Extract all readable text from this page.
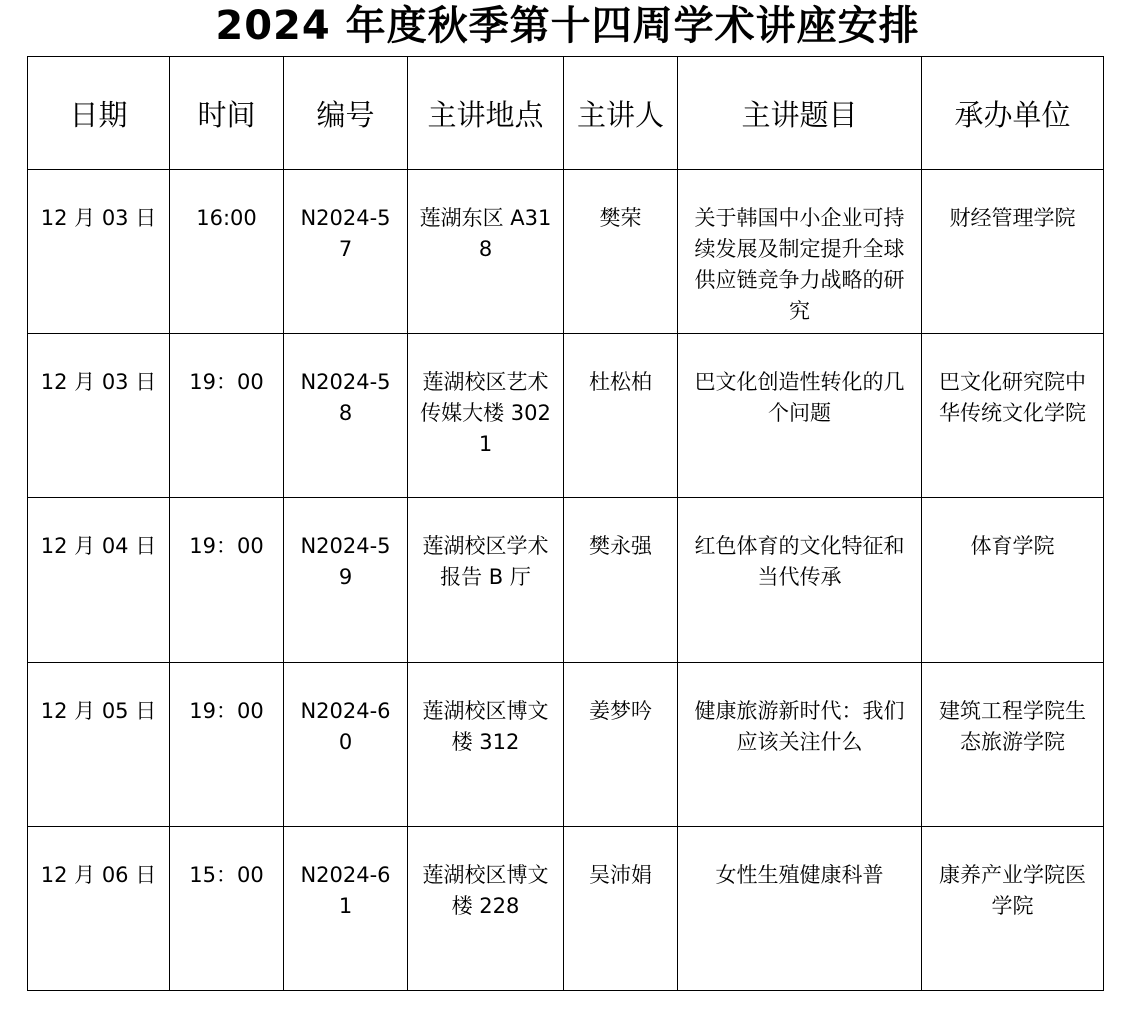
2024 年度秋季第十四周学术讲座安排
日期	时间	编号	主讲地点	主讲人	主讲题目	承办单位
12 月 03 日	16:00	N2024-57	莲湖东区 A318	樊荣	关于韩国中小企业可持续发展及制定提升全球供应链竞争力战略的研究	财经管理学院
12 月 03 日	19：00	N2024-58	莲湖校区艺术传媒大楼 3021	杜松柏	巴文化创造性转化的几个问题	巴文化研究院中华传统文化学院
12 月 04 日	19：00	N2024-59	莲湖校区学术报告 B 厅	樊永强	红色体育的文化特征和当代传承	体育学院
12 月 05 日	19：00	N2024-60	莲湖校区博文楼 312	姜梦吟	健康旅游新时代：我们应该关注什么	建筑工程学院生态旅游学院
12 月 06 日	15：00	N2024-61	莲湖校区博文楼 228	吴沛娟	女性生殖健康科普	康养产业学院医学院
